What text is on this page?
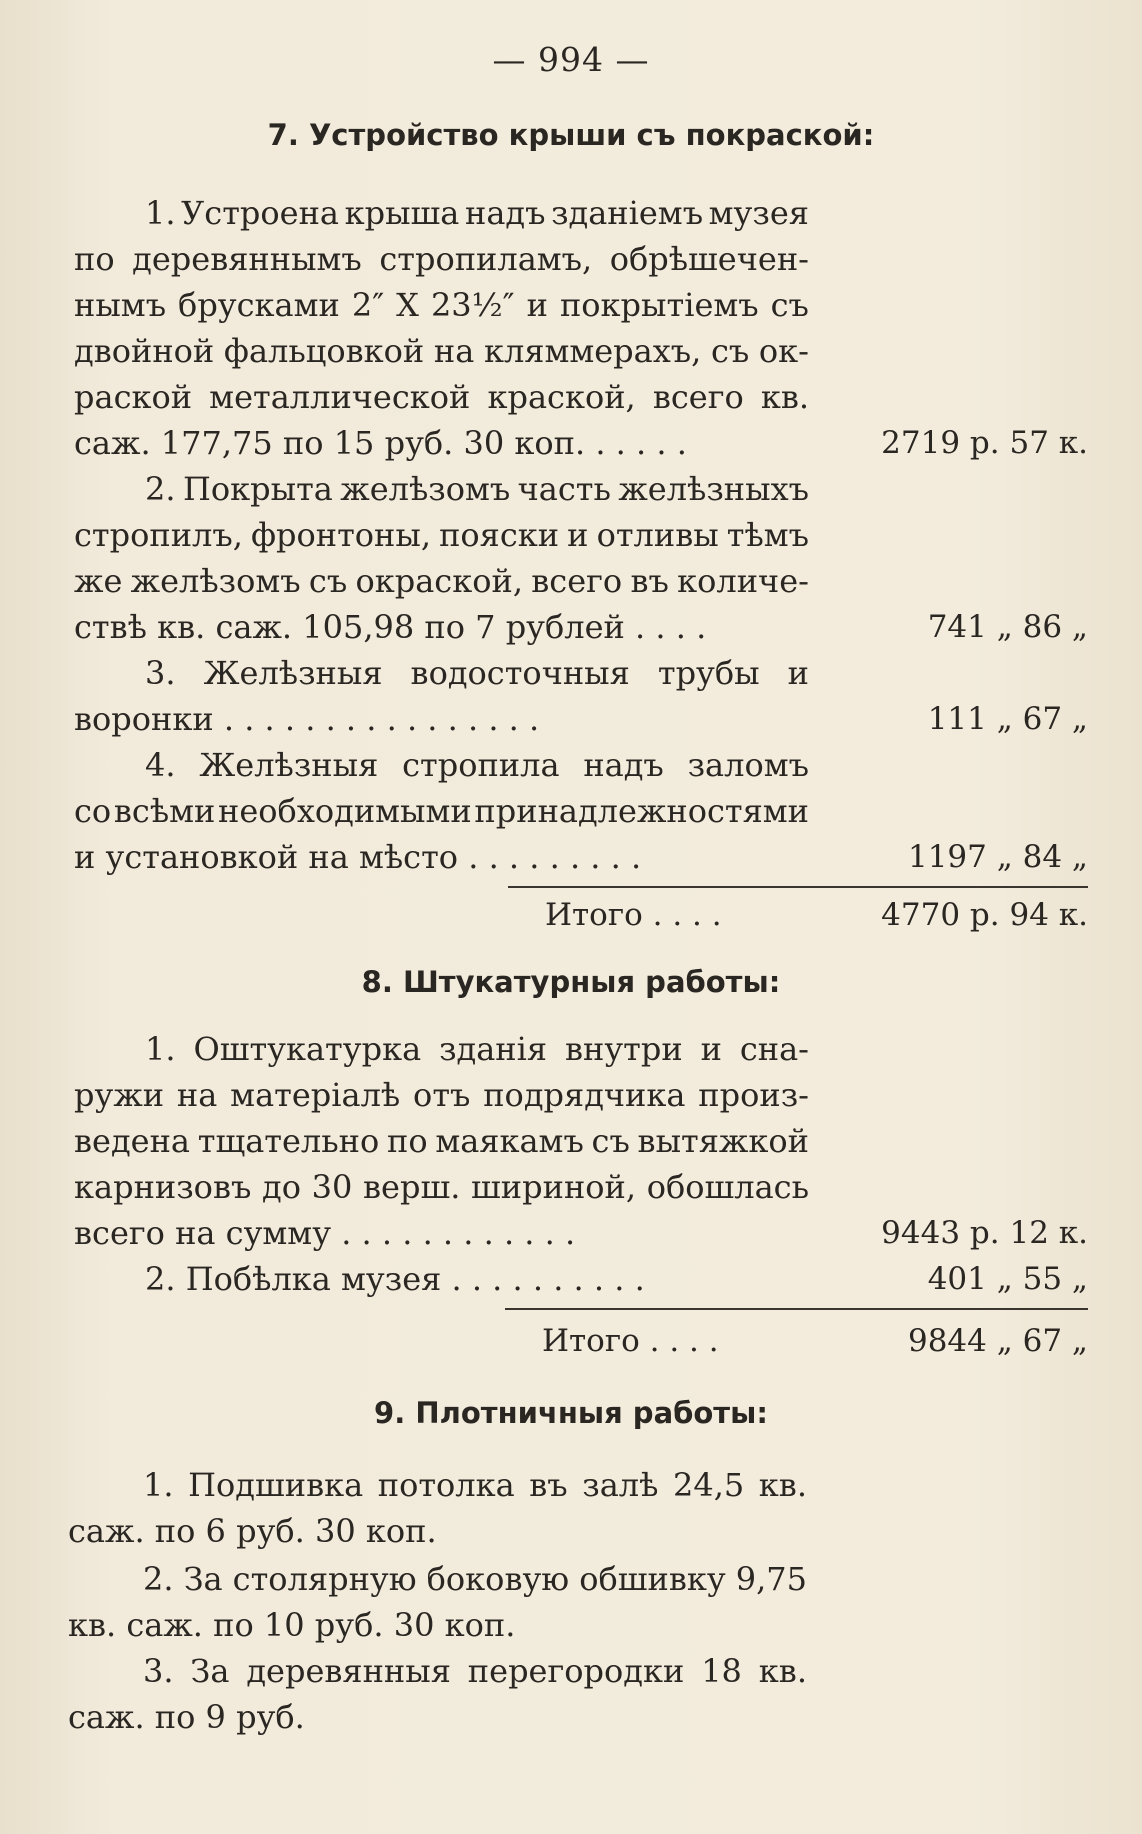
— 994 —
7. Устройство крыши съ покраской:
1. Устроена крыша надъ зданіемъ музея
по деревяннымъ стропиламъ, обрѣшечен-
нымъ брусками 2″ X 23½″ и покрытіемъ съ
двойной фальцовкой на кляммерахъ, съ ок-
раской металлической краской, всего кв.
саж. 177,75 по 15 руб. 30 коп. . . . . .	2719 р. 57 к.
2. Покрыта желѣзомъ часть желѣзныхъ
стропилъ, фронтоны, пояски и отливы тѣмъ
же желѣзомъ съ окраской, всего въ количе-
ствѣ кв. саж. 105,98 по 7 рублей . . . .	741 „ 86 „
3. Желѣзныя водосточныя трубы и
воронки . . . . . . . . . . . . . . . .	111 „ 67 „
4. Желѣзныя стропила надъ заломъ
со всѣми необходимыми принадлежностями
и установкой на мѣсто . . . . . . . . .	1197 „ 84 „
Итого . . . .	4770 р. 94 к.
8. Штукатурныя работы:
1. Оштукатурка зданія внутри и сна-
ружи на матеріалѣ отъ подрядчика произ-
ведена тщательно по маякамъ съ вытяжкой
карнизовъ до 30 верш. шириной, обошлась
всего на сумму . . . . . . . . . . . .	9443 р. 12 к.
2. Побѣлка музея . . . . . . . . . .	401 „ 55 „
Итого . . . .	9844 „ 67 „
9. Плотничныя работы:
1. Подшивка потолка въ залѣ 24,5 кв.
саж. по 6 руб. 30 коп.
2. За столярную боковую обшивку 9,75
кв. саж. по 10 руб. 30 коп.
3. За деревянныя перегородки 18 кв.
саж. по 9 руб.
